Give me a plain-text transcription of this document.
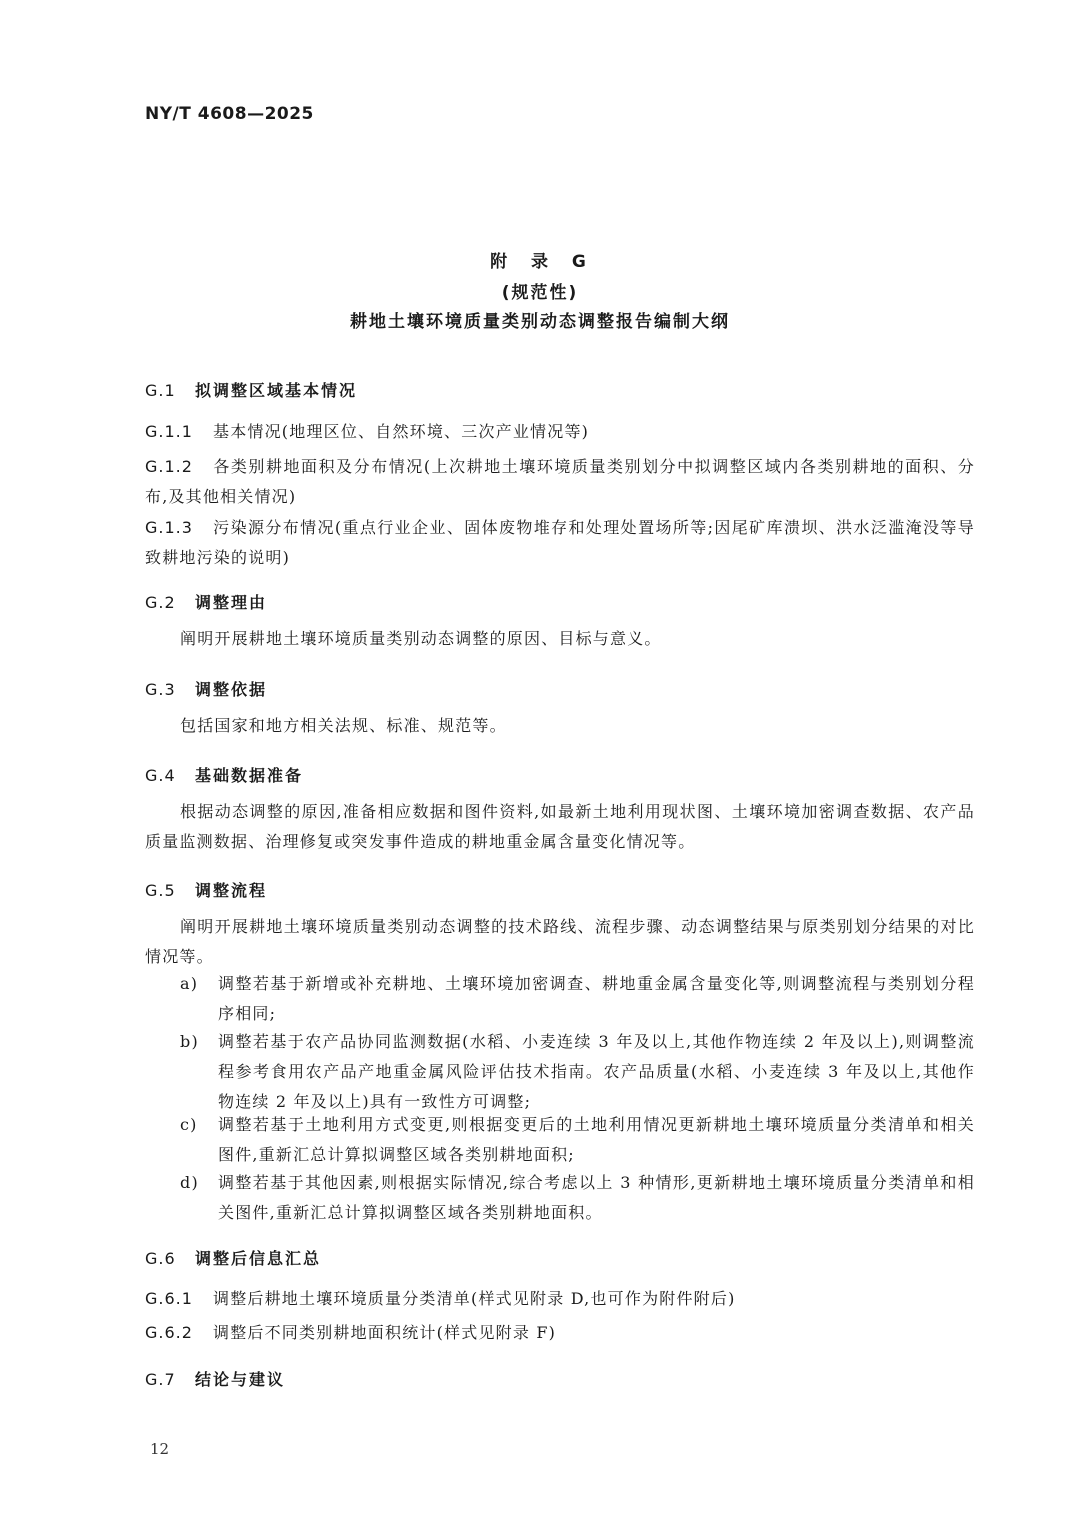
NY/T 4608—2025
附 录 G
(规范性)
耕地土壤环境质量类别动态调整报告编制大纲
G.1 拟调整区域基本情况
G.1.1 基本情况(地理区位、自然环境、三次产业情况等)
G.1.2 各类别耕地面积及分布情况(上次耕地土壤环境质量类别划分中拟调整区域内各类别耕地的面积、分布,及其他相关情况)
G.1.3 污染源分布情况(重点行业企业、固体废物堆存和处理处置场所等;因尾矿库溃坝、洪水泛滥淹没等导致耕地污染的说明)
G.2 调整理由
阐明开展耕地土壤环境质量类别动态调整的原因、目标与意义。
G.3 调整依据
包括国家和地方相关法规、标准、规范等。
G.4 基础数据准备
根据动态调整的原因,准备相应数据和图件资料,如最新土地利用现状图、土壤环境加密调查数据、农产品质量监测数据、治理修复或突发事件造成的耕地重金属含量变化情况等。
G.5 调整流程
阐明开展耕地土壤环境质量类别动态调整的技术路线、流程步骤、动态调整结果与原类别划分结果的对比情况等。
a)	调整若基于新增或补充耕地、土壤环境加密调查、耕地重金属含量变化等,则调整流程与类别划分程序相同;
b)	调整若基于农产品协同监测数据(水稻、小麦连续 3 年及以上,其他作物连续 2 年及以上),则调整流程参考食用农产品产地重金属风险评估技术指南。农产品质量(水稻、小麦连续 3 年及以上,其他作物连续 2 年及以上)具有一致性方可调整;
c)	调整若基于土地利用方式变更,则根据变更后的土地利用情况更新耕地土壤环境质量分类清单和相关图件,重新汇总计算拟调整区域各类别耕地面积;
d)	调整若基于其他因素,则根据实际情况,综合考虑以上 3 种情形,更新耕地土壤环境质量分类清单和相关图件,重新汇总计算拟调整区域各类别耕地面积。
G.6 调整后信息汇总
G.6.1 调整后耕地土壤环境质量分类清单(样式见附录 D,也可作为附件附后)
G.6.2 调整后不同类别耕地面积统计(样式见附录 F)
G.7 结论与建议
12
